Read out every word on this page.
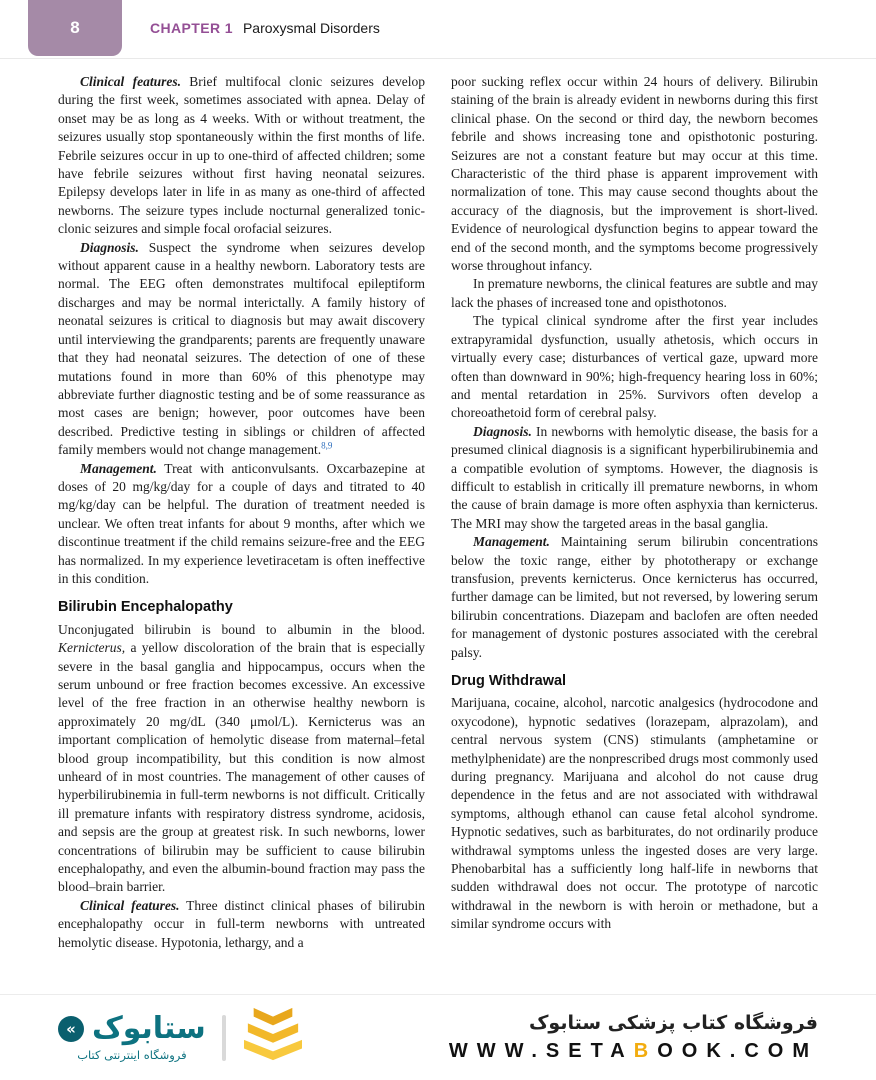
8	CHAPTER 1 Paroxysmal Disorders

Clinical features. Brief multifocal clonic seizures develop during the first week, sometimes associated with apnea. Delay of onset may be as long as 4 weeks. With or without treatment, the seizures usually stop spontaneously within the first months of life. Febrile seizures occur in up to one-third of affected children; some have febrile seizures without first having neonatal seizures. Epilepsy develops later in life in as many as one-third of affected newborns. The seizure types include nocturnal generalized tonic-clonic seizures and simple focal orofacial seizures.

Diagnosis. Suspect the syndrome when seizures develop without apparent cause in a healthy newborn. Laboratory tests are normal. The EEG often demonstrates multifocal epileptiform discharges and may be normal interictally. A family history of neonatal seizures is critical to diagnosis but may await discovery until interviewing the grandparents; parents are frequently unaware that they had neonatal seizures. The detection of one of these mutations found in more than 60% of this phenotype may abbreviate further diagnostic testing and be of some reassurance as most cases are benign; however, poor outcomes have been described. Predictive testing in siblings or children of affected family members would not change management.$^{8,9}$

Management. Treat with anticonvulsants. Oxcarbazepine at doses of 20 mg/kg/day for a couple of days and titrated to 40 mg/kg/day can be helpful. The duration of treatment needed is unclear. We often treat infants for about 9 months, after which we discontinue treatment if the child remains seizure-free and the EEG has normalized. In my experience levetiracetam is often ineffective in this condition.

Bilirubin Encephalopathy

Unconjugated bilirubin is bound to albumin in the blood. Kernicterus, a yellow discoloration of the brain that is especially severe in the basal ganglia and hippocampus, occurs when the serum unbound or free fraction becomes excessive. An excessive level of the free fraction in an otherwise healthy newborn is approximately 20 mg/dL (340 μmol/L). Kernicterus was an important complication of hemolytic disease from maternal–fetal blood group incompatibility, but this condition is now almost unheard of in most countries. The management of other causes of hyperbilirubinemia in full-term newborns is not difficult. Critically ill premature infants with respiratory distress syndrome, acidosis, and sepsis are the group at greatest risk. In such newborns, lower concentrations of bilirubin may be sufficient to cause bilirubin encephalopathy, and even the albumin-bound fraction may pass the blood–brain barrier.

Clinical features. Three distinct clinical phases of bilirubin encephalopathy occur in full-term newborns with untreated hemolytic disease. Hypotonia, lethargy, and a

poor sucking reflex occur within 24 hours of delivery. Bilirubin staining of the brain is already evident in newborns during this first clinical phase. On the second or third day, the newborn becomes febrile and shows increasing tone and opisthotonic posturing. Seizures are not a constant feature but may occur at this time. Characteristic of the third phase is apparent improvement with normalization of tone. This may cause second thoughts about the accuracy of the diagnosis, but the improvement is short-lived. Evidence of neurological dysfunction begins to appear toward the end of the second month, and the symptoms become progressively worse throughout infancy.

In premature newborns, the clinical features are subtle and may lack the phases of increased tone and opisthotonos.

The typical clinical syndrome after the first year includes extrapyramidal dysfunction, usually athetosis, which occurs in virtually every case; disturbances of vertical gaze, upward more often than downward in 90%; high-frequency hearing loss in 60%; and mental retardation in 25%. Survivors often develop a choreoathetoid form of cerebral palsy.

Diagnosis. In newborns with hemolytic disease, the basis for a presumed clinical diagnosis is a significant hyperbilirubinemia and a compatible evolution of symptoms. However, the diagnosis is difficult to establish in critically ill premature newborns, in whom the cause of brain damage is more often asphyxia than kernicterus. The MRI may show the targeted areas in the basal ganglia.

Management. Maintaining serum bilirubin concentrations below the toxic range, either by phototherapy or exchange transfusion, prevents kernicterus. Once kernicterus has occurred, further damage can be limited, but not reversed, by lowering serum bilirubin concentrations. Diazepam and baclofen are often needed for management of dystonic postures associated with the cerebral palsy.

Drug Withdrawal

Marijuana, cocaine, alcohol, narcotic analgesics (hydrocodone and oxycodone), hypnotic sedatives (lorazepam, alprazolam), and central nervous system (CNS) stimulants (amphetamine or methylphenidate) are the nonprescribed drugs most commonly used during pregnancy. Marijuana and alcohol do not cause drug dependence in the fetus and are not associated with withdrawal symptoms, although ethanol can cause fetal alcohol syndrome. Hypnotic sedatives, such as barbiturates, do not ordinarily produce withdrawal symptoms unless the ingested doses are very large. Phenobarbital has a sufficiently long half-life in newborns that sudden withdrawal does not occur. The prototype of narcotic withdrawal in the newborn is with heroin or methadone, but a similar syndrome occurs with

« ستابوک
فروشگاه اینترنتی کتاب
فروشگاه کتاب پزشکی ستابوک
WWW.SETABOOK.COM
